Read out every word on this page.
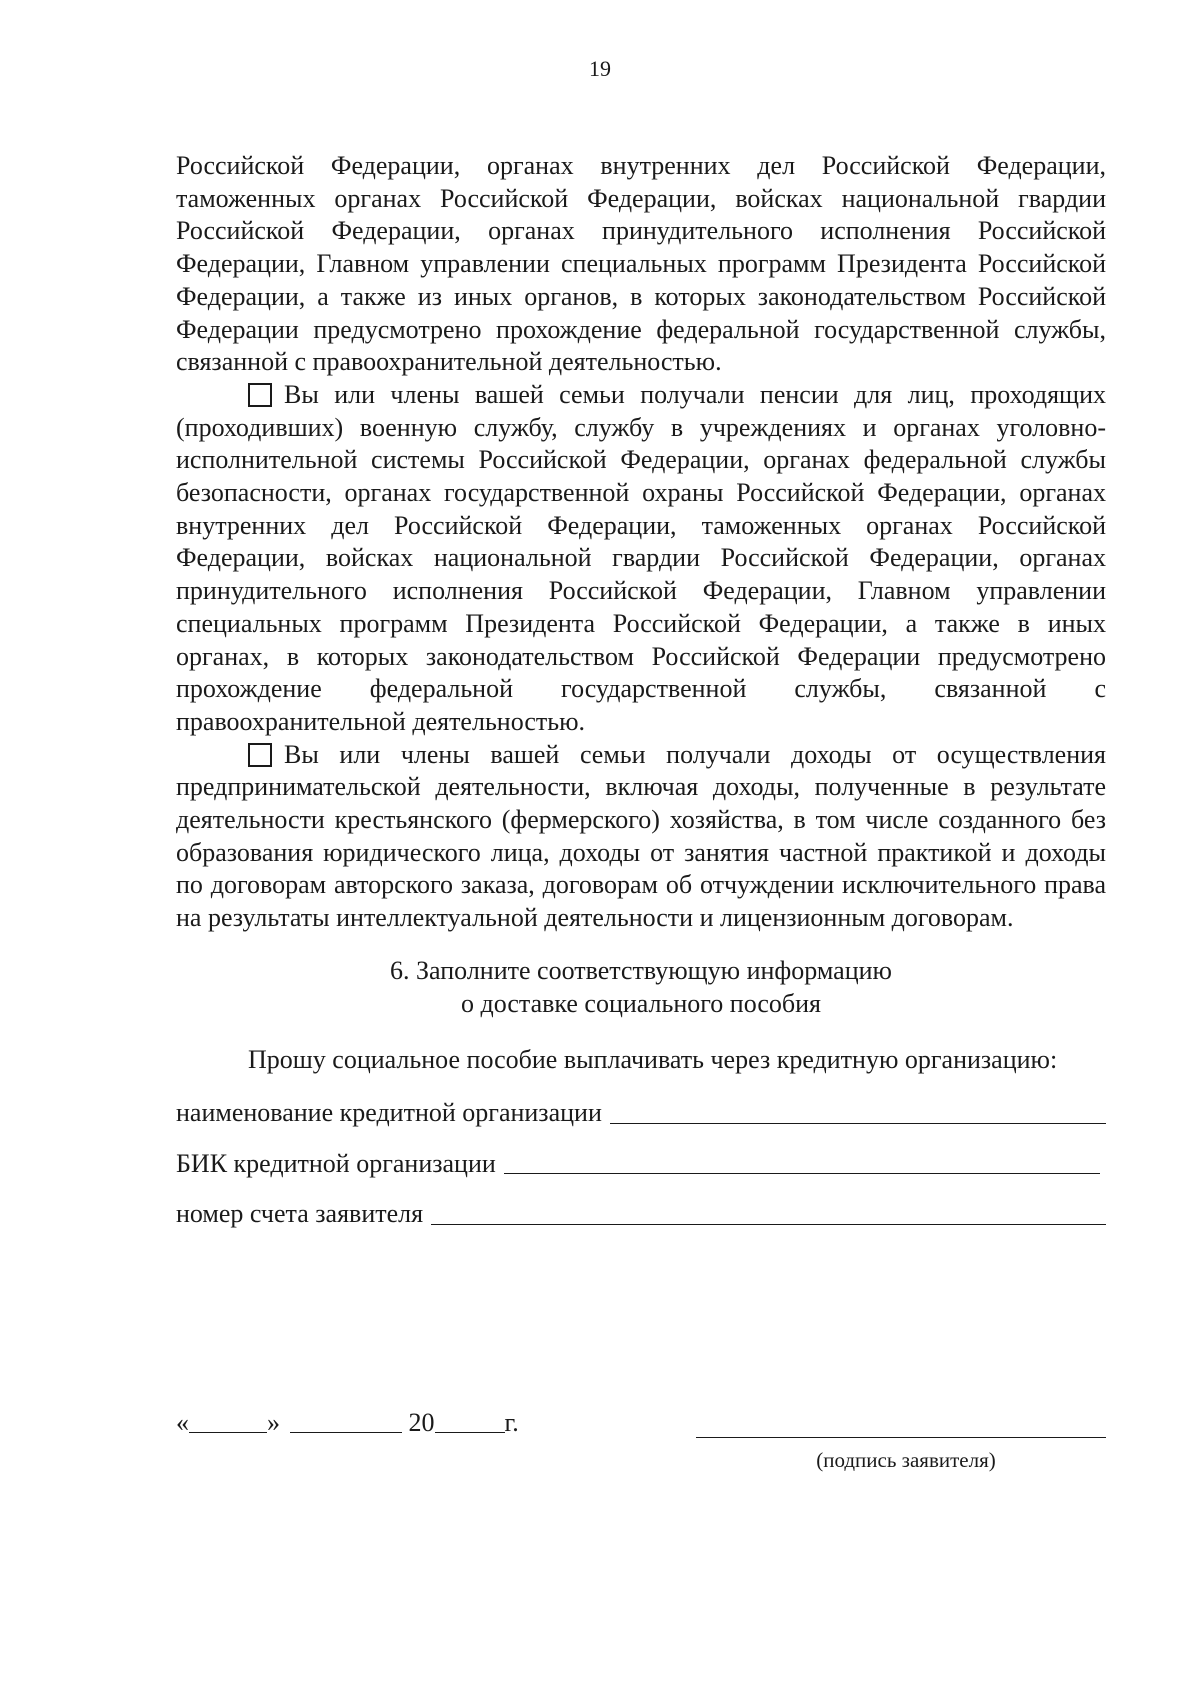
19

Российской Федерации, органах внутренних дел Российской Федерации, таможенных органах Российской Федерации, войсках национальной гвардии Российской Федерации, органах принудительного исполнения Российской Федерации, Главном управлении специальных программ Президента Российской Федерации, а также из иных органов, в которых законодательством Российской Федерации предусмотрено прохождение федеральной государственной службы, связанной с правоохранительной деятельностью.

Вы или члены вашей семьи получали пенсии для лиц, проходящих (проходивших) военную службу, службу в учреждениях и органах уголовно-исполнительной системы Российской Федерации, органах федеральной службы безопасности, органах государственной охраны Российской Федерации, органах внутренних дел Российской Федерации, таможенных органах Российской Федерации, войсках национальной гвардии Российской Федерации, органах принудительного исполнения Российской Федерации, Главном управлении специальных программ Президента Российской Федерации, а также в иных органах, в которых законодательством Российской Федерации предусмотрено прохождение федеральной государственной службы, связанной с правоохранительной деятельностью.

Вы или члены вашей семьи получали доходы от осуществления предпринимательской деятельности, включая доходы, полученные в результате деятельности крестьянского (фермерского) хозяйства, в том числе созданного без образования юридического лица, доходы от занятия частной практикой и доходы по договорам авторского заказа, договорам об отчуждении исключительного права на результаты интеллектуальной деятельности и лицензионным договорам.

6. Заполните соответствующую информацию
о доставке социального пособия

Прошу социальное пособие выплачивать через кредитную организацию:

наименование кредитной организации
БИК кредитной организации
номер счета заявителя
«	»	20	г.
(подпись заявителя)
